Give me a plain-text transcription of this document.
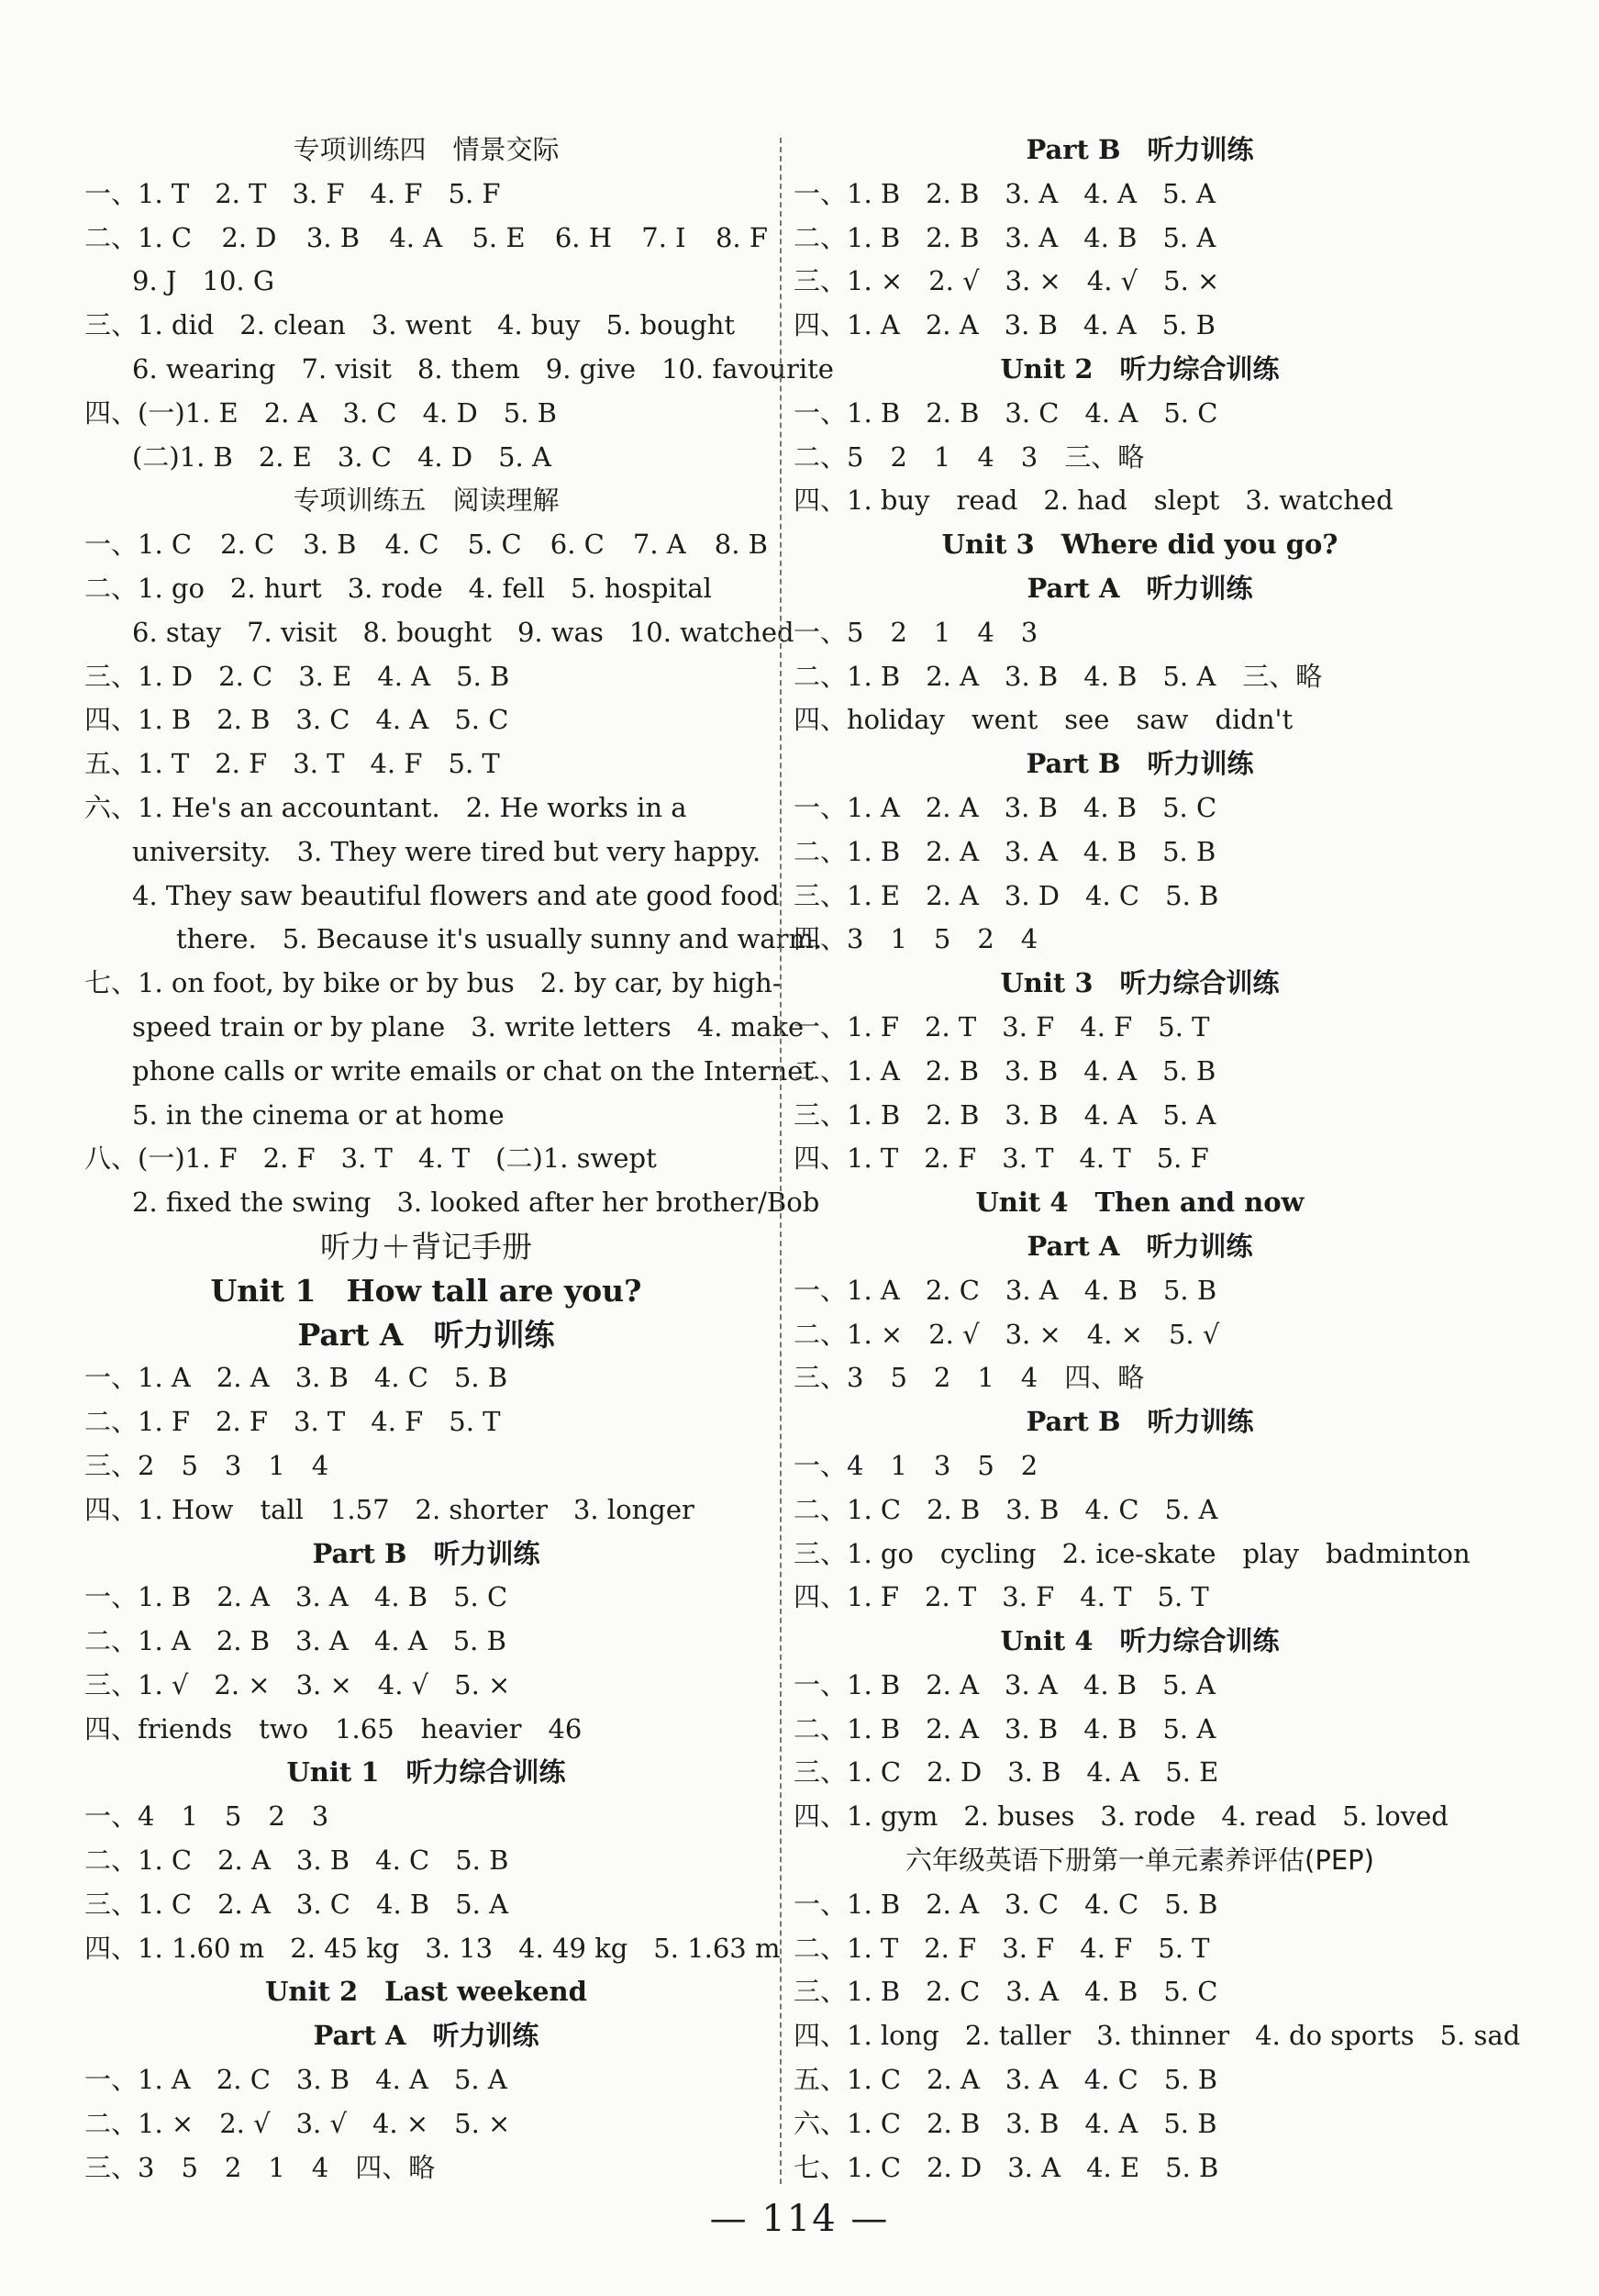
专项训练四　情景交际
一、1. T 2. T 3. F 4. F 5. F
二、1. C 2. D 3. B 4. A 5. E 6. H 7. I 8. F
9. J 10. G
三、1. did 2. clean 3. went 4. buy 5. bought
6. wearing 7. visit 8. them 9. give 10. favourite
四、(一)1. E 2. A 3. C 4. D 5. B
(二)1. B 2. E 3. C 4. D 5. A
专项训练五　阅读理解
一、1. C 2. C 3. B 4. C 5. C 6. C 7. A 8. B
二、1. go 2. hurt 3. rode 4. fell 5. hospital
6. stay 7. visit 8. bought 9. was 10. watched
三、1. D 2. C 3. E 4. A 5. B
四、1. B 2. B 3. C 4. A 5. C
五、1. T 2. F 3. T 4. F 5. T
六、1. He's an accountant. 2. He works in a
university. 3. They were tired but very happy.
4. They saw beautiful flowers and ate good food
there. 5. Because it's usually sunny and warm.
七、1. on foot, by bike or by bus 2. by car, by high-
speed train or by plane 3. write letters 4. make
phone calls or write emails or chat on the Internet
5. in the cinema or at home
八、(一)1. F 2. F 3. T 4. T (二)1. swept
2. fixed the swing 3. looked after her brother/Bob
听力＋背记手册
Unit 1　How tall are you?
Part A　听力训练
一、1. A 2. A 3. B 4. C 5. B
二、1. F 2. F 3. T 4. F 5. T
三、2　5　3　1　4
四、1. How　tall　1.57 2. shorter 3. longer
Part B　听力训练
一、1. B 2. A 3. A 4. B 5. C
二、1. A 2. B 3. A 4. A 5. B
三、1. √ 2. × 3. × 4. √ 5. ×
四、friends　two　1.65　heavier　46
Unit 1　听力综合训练
一、4　1　5　2　3
二、1. C 2. A 3. B 4. C 5. B
三、1. C 2. A 3. C 4. B 5. A
四、1. 1.60 m 2. 45 kg 3. 13 4. 49 kg 5. 1.63 m
Unit 2　Last weekend
Part A　听力训练
一、1. A 2. C 3. B 4. A 5. A
二、1. × 2. √ 3. √ 4. × 5. ×
三、3　5　2　1　4　四、略
Part B　听力训练
一、1. B 2. B 3. A 4. A 5. A
二、1. B 2. B 3. A 4. B 5. A
三、1. × 2. √ 3. × 4. √ 5. ×
四、1. A 2. A 3. B 4. A 5. B
Unit 2　听力综合训练
一、1. B 2. B 3. C 4. A 5. C
二、5　2　1　4　3　三、略
四、1. buy　read 2. had　slept 3. watched
Unit 3　Where did you go?
Part A　听力训练
一、5　2　1　4　3
二、1. B 2. A 3. B 4. B 5. A　三、略
四、holiday　went　see　saw　didn't
Part B　听力训练
一、1. A 2. A 3. B 4. B 5. C
二、1. B 2. A 3. A 4. B 5. B
三、1. E 2. A 3. D 4. C 5. B
四、3　1　5　2　4
Unit 3　听力综合训练
一、1. F 2. T 3. F 4. F 5. T
二、1. A 2. B 3. B 4. A 5. B
三、1. B 2. B 3. B 4. A 5. A
四、1. T 2. F 3. T 4. T 5. F
Unit 4　Then and now
Part A　听力训练
一、1. A 2. C 3. A 4. B 5. B
二、1. × 2. √ 3. × 4. × 5. √
三、3　5　2　1　4　四、略
Part B　听力训练
一、4　1　3　5　2
二、1. C 2. B 3. B 4. C 5. A
三、1. go　cycling 2. ice-skate　play　badminton
四、1. F 2. T 3. F 4. T 5. T
Unit 4　听力综合训练
一、1. B 2. A 3. A 4. B 5. A
二、1. B 2. A 3. B 4. B 5. A
三、1. C 2. D 3. B 4. A 5. E
四、1. gym 2. buses 3. rode 4. read 5. loved
六年级英语下册第一单元素养评估(PEP)
一、1. B 2. A 3. C 4. C 5. B
二、1. T 2. F 3. F 4. F 5. T
三、1. B 2. C 3. A 4. B 5. C
四、1. long 2. taller 3. thinner 4. do sports 5. sad
五、1. C 2. A 3. A 4. C 5. B
六、1. C 2. B 3. B 4. A 5. B
七、1. C 2. D 3. A 4. E 5. B
— 114 —
